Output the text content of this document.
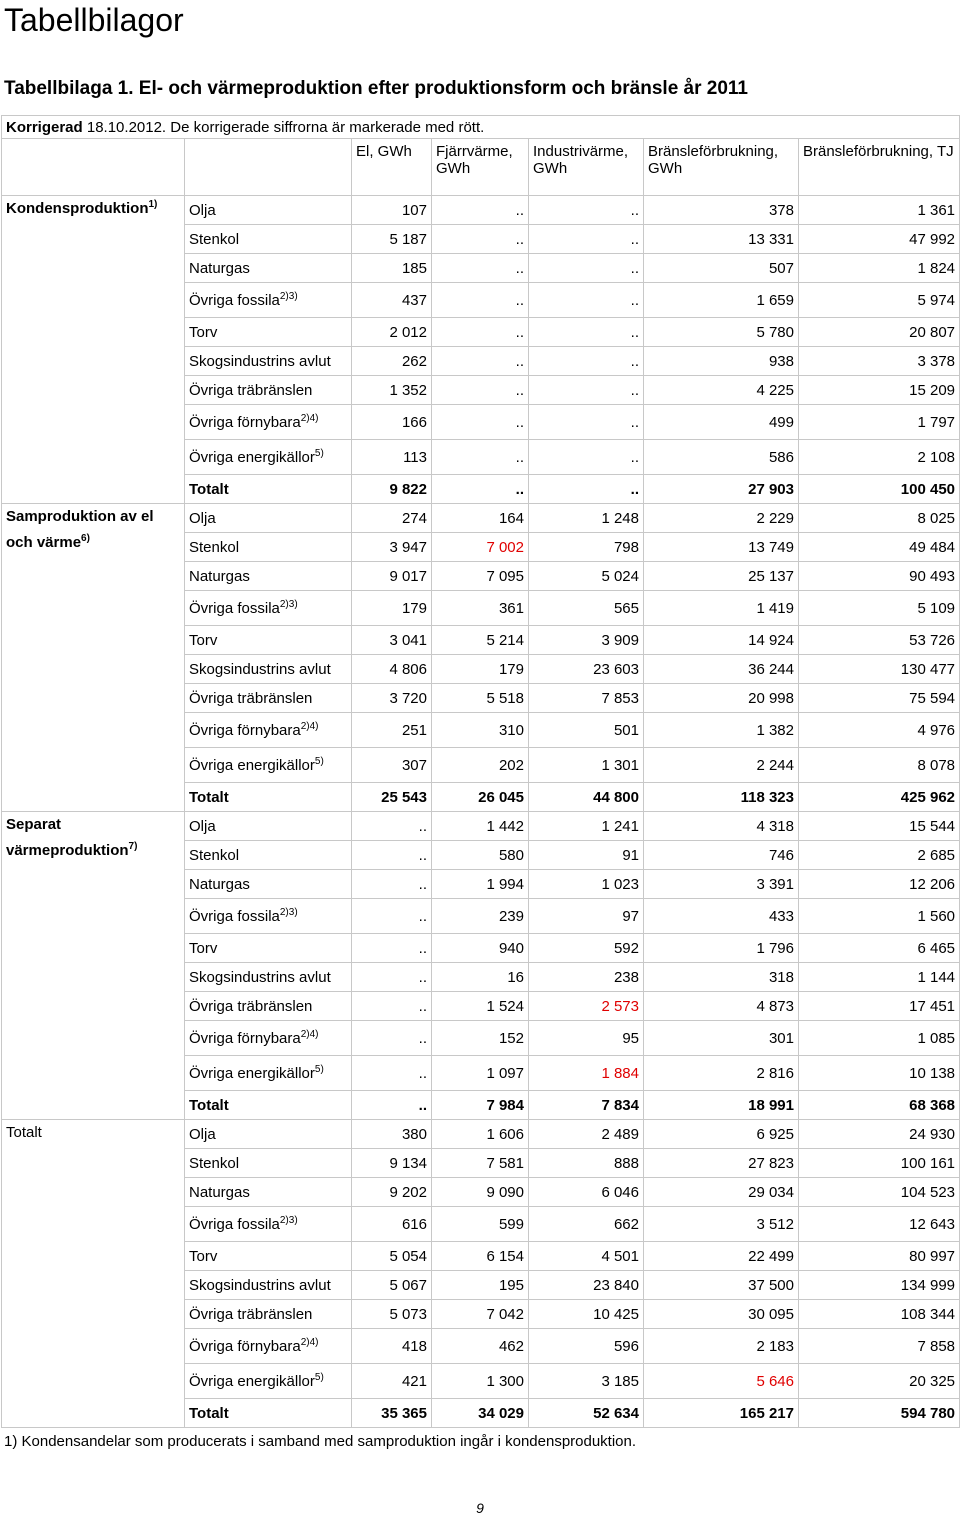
Tabellbilagor
Tabellbilaga 1. El- och värmeproduktion efter produktionsform och bränsle år 2011
Korrigerad 18.10.2012. De korrigerade siffrorna är markerade med rött.						
		El, GWh	Fjärrvärme, GWh	Industrivärme, GWh	Bränsleförbrukning, GWh	Bränsleförbrukning, TJ
Kondensproduktion$^{1)}$	Olja	107	..	..	378	1 361
	Stenkol	5 187	..	..	13 331	47 992
	Naturgas	185	..	..	507	1 824
	Övriga fossila$^{2)3)}$	437	..	..	1 659	5 974
	Torv	2 012	..	..	5 780	20 807
	Skogsindustrins avlut	262	..	..	938	3 378
	Övriga träbränslen	1 352	..	..	4 225	15 209
	Övriga förnybara$^{2)4)}$	166	..	..	499	1 797
	Övriga energikällor$^{5)}$	113	..	..	586	2 108
	Totalt	9 822	..	..	27 903	100 450
Samproduktion av el och värme$^{6)}$	Olja	274	164	1 248	2 229	8 025
	Stenkol	3 947	7 002	798	13 749	49 484
	Naturgas	9 017	7 095	5 024	25 137	90 493
	Övriga fossila$^{2)3)}$	179	361	565	1 419	5 109
	Torv	3 041	5 214	3 909	14 924	53 726
	Skogsindustrins avlut	4 806	179	23 603	36 244	130 477
	Övriga träbränslen	3 720	5 518	7 853	20 998	75 594
	Övriga förnybara$^{2)4)}$	251	310	501	1 382	4 976
	Övriga energikällor$^{5)}$	307	202	1 301	2 244	8 078
	Totalt	25 543	26 045	44 800	118 323	425 962
Separat värmeproduktion$^{7)}$	Olja	..	1 442	1 241	4 318	15 544
	Stenkol	..	580	91	746	2 685
	Naturgas	..	1 994	1 023	3 391	12 206
	Övriga fossila$^{2)3)}$	..	239	97	433	1 560
	Torv	..	940	592	1 796	6 465
	Skogsindustrins avlut	..	16	238	318	1 144
	Övriga träbränslen	..	1 524	2 573	4 873	17 451
	Övriga förnybara$^{2)4)}$	..	152	95	301	1 085
	Övriga energikällor$^{5)}$	..	1 097	1 884	2 816	10 138
	Totalt	..	7 984	7 834	18 991	68 368
Totalt	Olja	380	1 606	2 489	6 925	24 930
	Stenkol	9 134	7 581	888	27 823	100 161
	Naturgas	9 202	9 090	6 046	29 034	104 523
	Övriga fossila$^{2)3)}$	616	599	662	3 512	12 643
	Torv	5 054	6 154	4 501	22 499	80 997
	Skogsindustrins avlut	5 067	195	23 840	37 500	134 999
	Övriga träbränslen	5 073	7 042	10 425	30 095	108 344
	Övriga förnybara$^{2)4)}$	418	462	596	2 183	7 858
	Övriga energikällor$^{5)}$	421	1 300	3 185	5 646	20 325
	Totalt	35 365	34 029	52 634	165 217	594 780

1) Kondensandelar som producerats i samband med samproduktion ingår i kondensproduktion.

9
